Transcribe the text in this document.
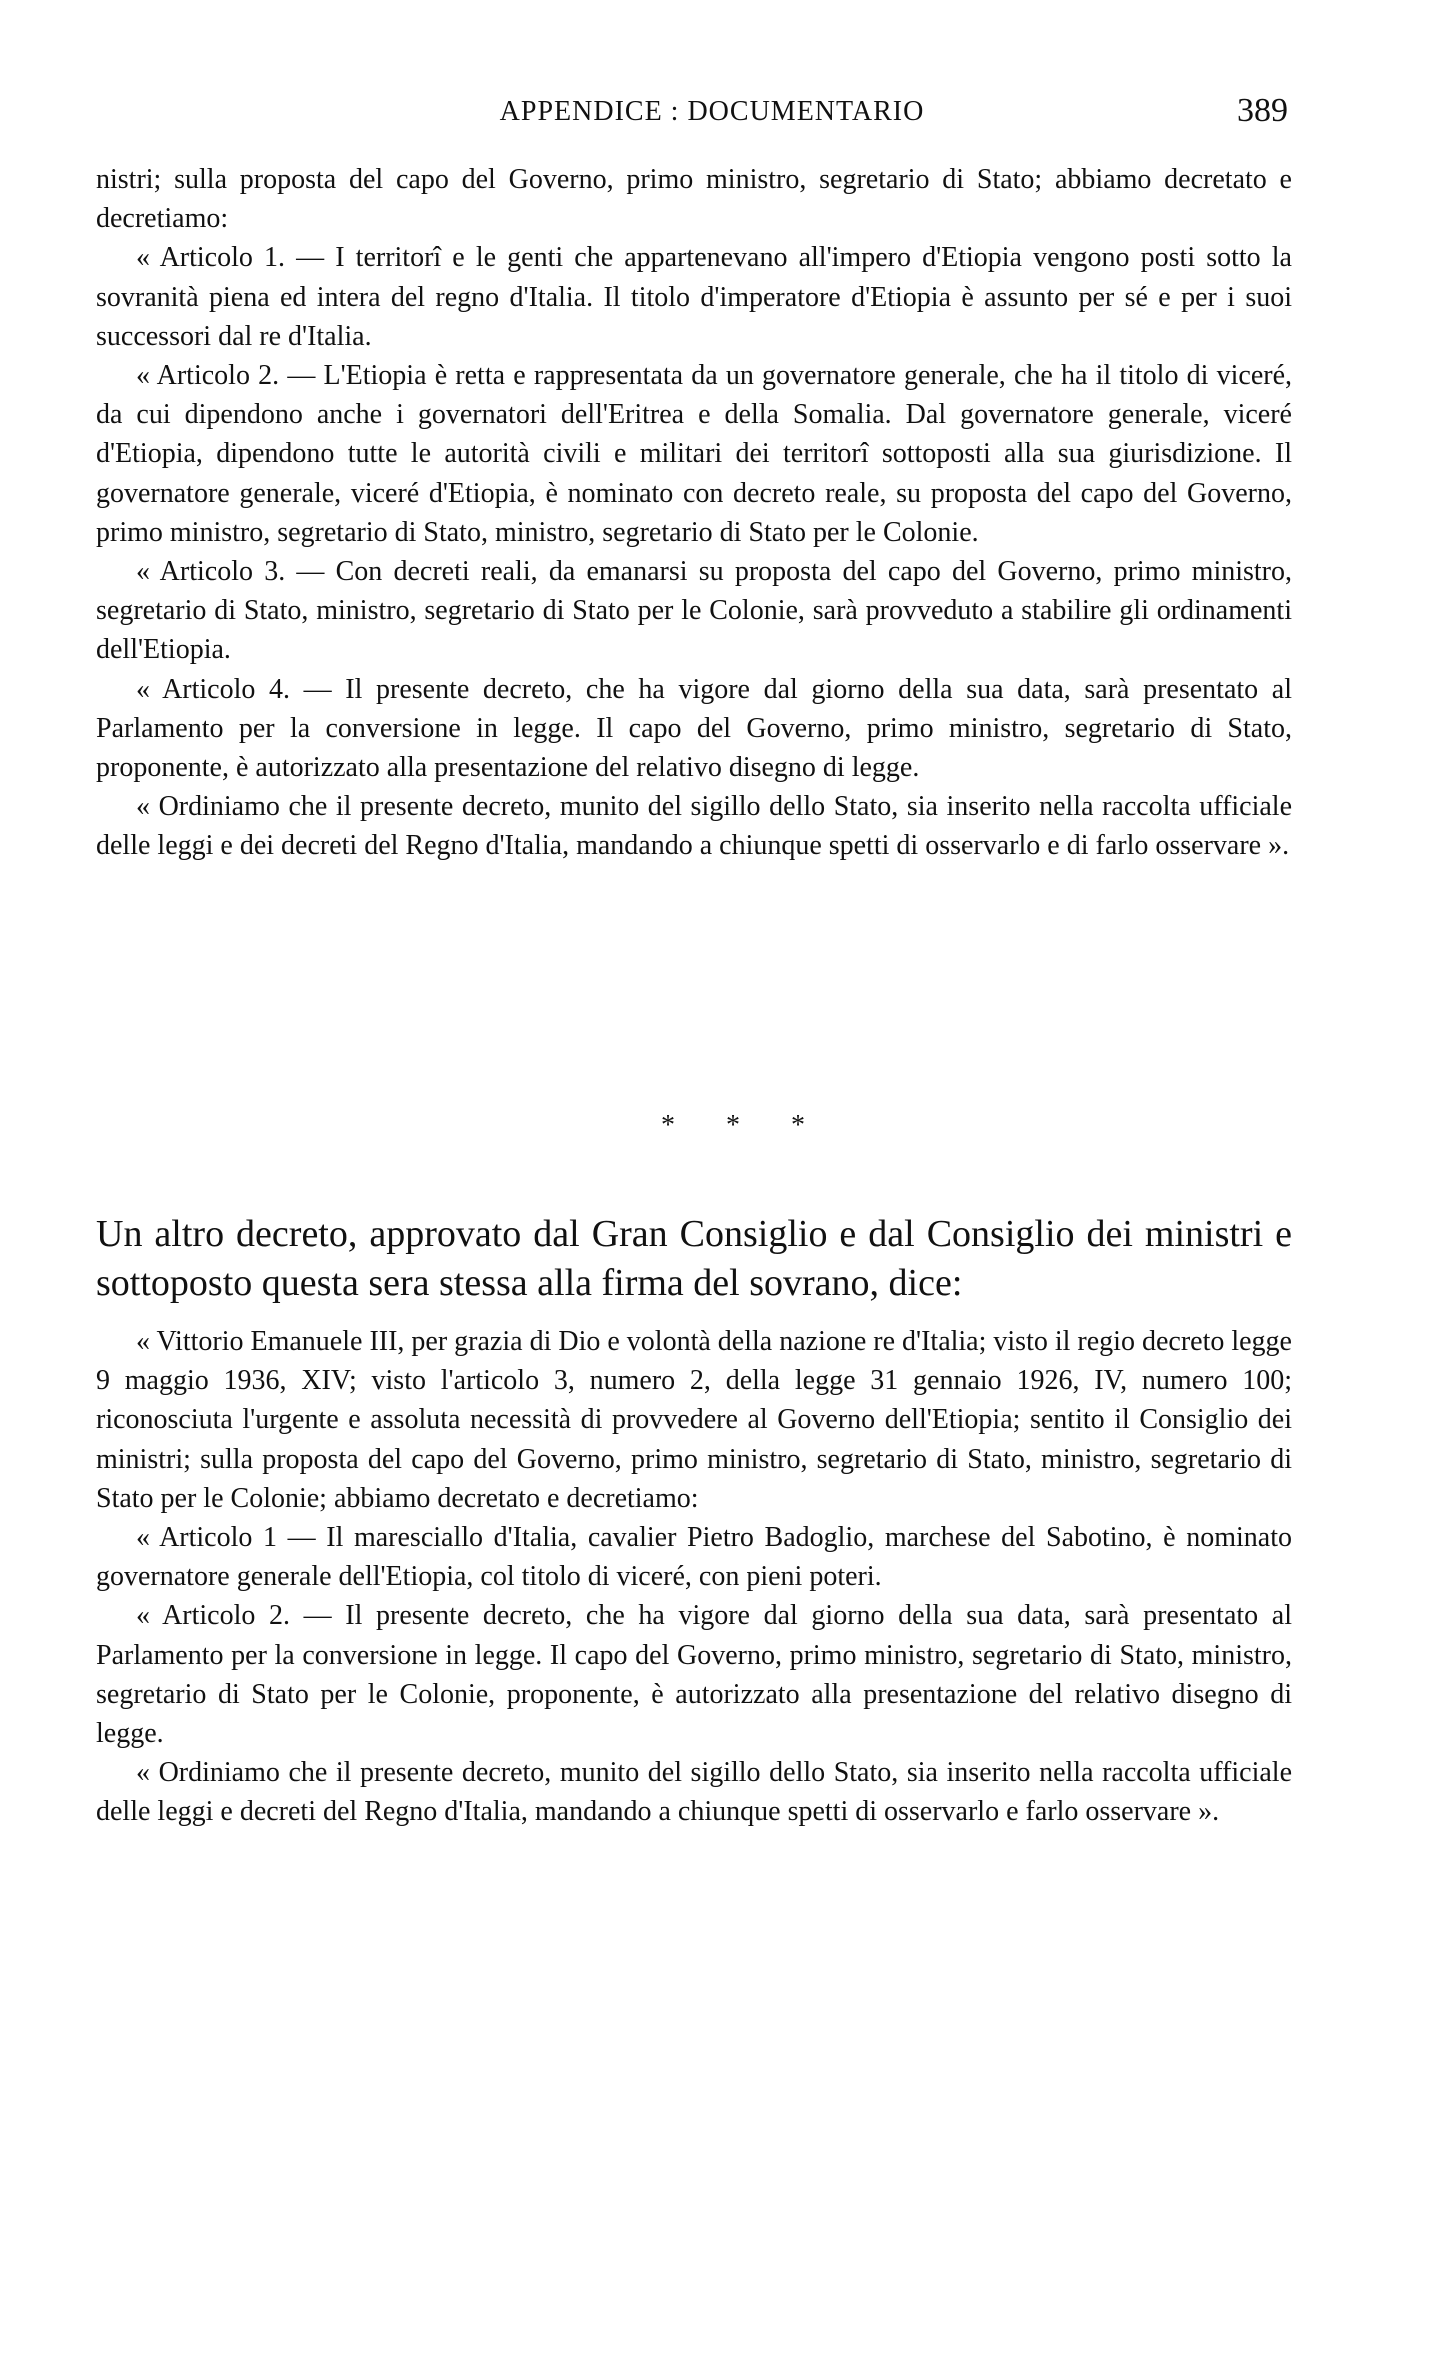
APPENDICE : DOCUMENTARIO	389

nistri; sulla proposta del capo del Governo, primo ministro, segretario di Stato; abbiamo decretato e decretiamo:

« Articolo 1. — I territorî e le genti che appartenevano all'impero d'Etiopia vengono posti sotto la sovranità piena ed intera del regno d'Italia. Il titolo d'imperatore d'Etiopia è assunto per sé e per i suoi successori dal re d'Italia.

« Articolo 2. — L'Etiopia è retta e rappresentata da un governatore generale, che ha il titolo di viceré, da cui dipendono anche i governatori dell'Eritrea e della Somalia. Dal governatore generale, viceré d'Etiopia, dipendono tutte le autorità civili e militari dei territorî sottoposti alla sua giurisdizione. Il governatore generale, viceré d'Etiopia, è nominato con decreto reale, su proposta del capo del Governo, primo ministro, segretario di Stato, ministro, segretario di Stato per le Colonie.

« Articolo 3. — Con decreti reali, da emanarsi su proposta del capo del Governo, primo ministro, segretario di Stato, ministro, segretario di Stato per le Colonie, sarà provveduto a stabilire gli ordinamenti dell'Etiopia.

« Articolo 4. — Il presente decreto, che ha vigore dal giorno della sua data, sarà presentato al Parlamento per la conversione in legge. Il capo del Governo, primo ministro, segretario di Stato, proponente, è autorizzato alla presentazione del relativo disegno di legge.

« Ordiniamo che il presente decreto, munito del sigillo dello Stato, sia inserito nella raccolta ufficiale delle leggi e dei decreti del Regno d'Italia, mandando a chiunque spetti di osservarlo e di farlo osservare ».

* * *
Un altro decreto, approvato dal Gran Consiglio e dal Consiglio dei ministri e sottoposto questa sera stessa alla firma del sovrano, dice:

« Vittorio Emanuele III, per grazia di Dio e volontà della nazione re d'Italia; visto il regio decreto legge 9 maggio 1936, XIV; visto l'articolo 3, numero 2, della legge 31 gennaio 1926, IV, numero 100; riconosciuta l'urgente e assoluta necessità di provvedere al Governo dell'Etiopia; sentito il Consiglio dei ministri; sulla proposta del capo del Governo, primo ministro, segretario di Stato, ministro, segretario di Stato per le Colonie; abbiamo decretato e decretiamo:

« Articolo 1 — Il maresciallo d'Italia, cavalier Pietro Badoglio, marchese del Sabotino, è nominato governatore generale dell'Etiopia, col titolo di viceré, con pieni poteri.

« Articolo 2. — Il presente decreto, che ha vigore dal giorno della sua data, sarà presentato al Parlamento per la conversione in legge. Il capo del Governo, primo ministro, segretario di Stato, ministro, segretario di Stato per le Colonie, proponente, è autorizzato alla presentazione del relativo disegno di legge.

« Ordiniamo che il presente decreto, munito del sigillo dello Stato, sia inserito nella raccolta ufficiale delle leggi e decreti del Regno d'Italia, mandando a chiunque spetti di osservarlo e farlo osservare ».
